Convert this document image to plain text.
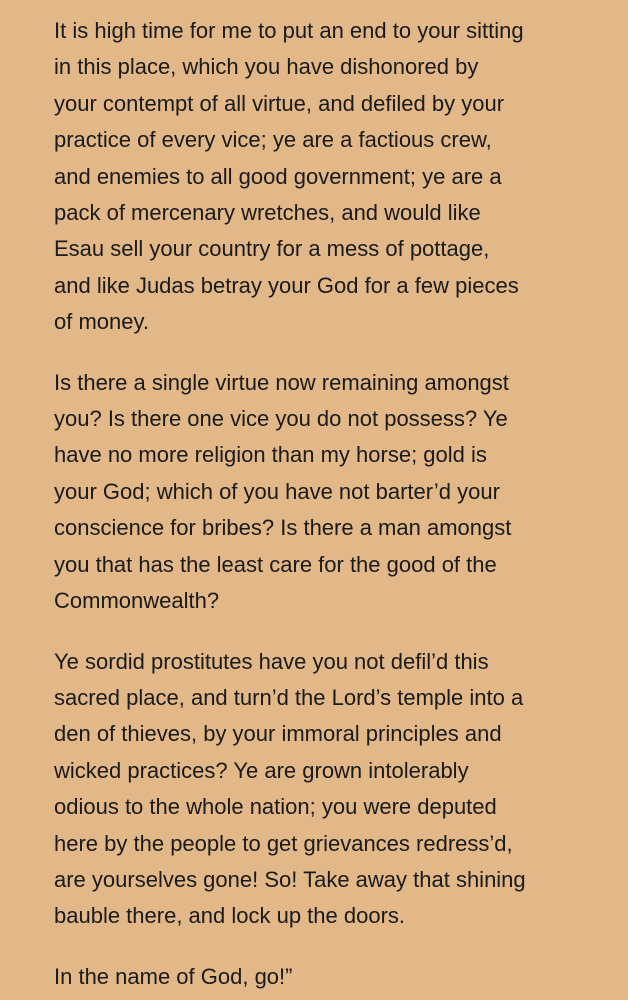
It is high time for me to put an end to your sitting
in this place, which you have dishonored by
your contempt of all virtue, and defiled by your
practice of every vice; ye are a factious crew,
and enemies to all good government; ye are a
pack of mercenary wretches, and would like
Esau sell your country for a mess of pottage,
and like Judas betray your God for a few pieces
of money.

Is there a single virtue now remaining amongst
you? Is there one vice you do not possess? Ye
have no more religion than my horse; gold is
your God; which of you have not barter’d your
conscience for bribes? Is there a man amongst
you that has the least care for the good of the
Commonwealth?

Ye sordid prostitutes have you not defil’d this
sacred place, and turn’d the Lord’s temple into a
den of thieves, by your immoral principles and
wicked practices? Ye are grown intolerably
odious to the whole nation; you were deputed
here by the people to get grievances redress’d,
are yourselves gone! So! Take away that shining
bauble there, and lock up the doors.

In the name of God, go!”
